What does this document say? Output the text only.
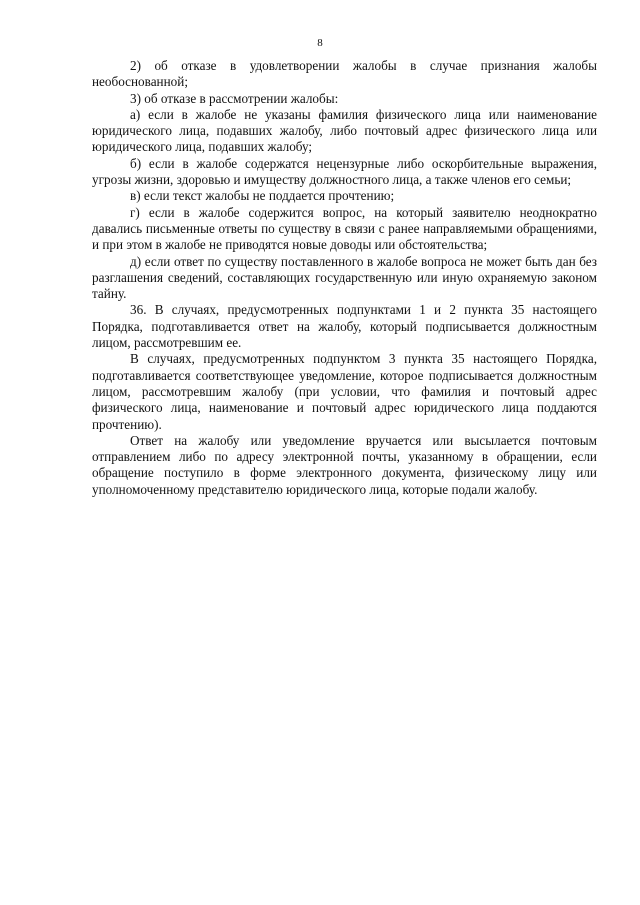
8

2) об отказе в удовлетворении жалобы в случае признания жалобы необоснованной;

3) об отказе в рассмотрении жалобы:

а) если в жалобе не указаны фамилия физического лица или наименование юридического лица, подавших жалобу, либо почтовый адрес физического лица или юридического лица, подавших жалобу;

б) если в жалобе содержатся нецензурные либо оскорбительные выражения, угрозы жизни, здоровью и имуществу должностного лица, а также членов его семьи;

в) если текст жалобы не поддается прочтению;

г) если в жалобе содержится вопрос, на который заявителю неоднократно давались письменные ответы по существу в связи с ранее направляемыми обращениями, и при этом в жалобе не приводятся новые доводы или обстоятельства;

д) если ответ по существу поставленного в жалобе вопроса не может быть дан без разглашения сведений, составляющих государственную или иную охраняемую законом тайну.

36. В случаях, предусмотренных подпунктами 1 и 2 пункта 35 настоящего Порядка, подготавливается ответ на жалобу, который подписывается должностным лицом, рассмотревшим ее.

В случаях, предусмотренных подпунктом 3 пункта 35 настоящего Порядка, подготавливается соответствующее уведомление, которое подписывается должностным лицом, рассмотревшим жалобу (при условии, что фамилия и почтовый адрес физического лица, наименование и почтовый адрес юридического лица поддаются прочтению).

Ответ на жалобу или уведомление вручается или высылается почтовым отправлением либо по адресу электронной почты, указанному в обращении, если обращение поступило в форме электронного документа, физическому лицу или уполномоченному представителю юридического лица, которые подали жалобу.
